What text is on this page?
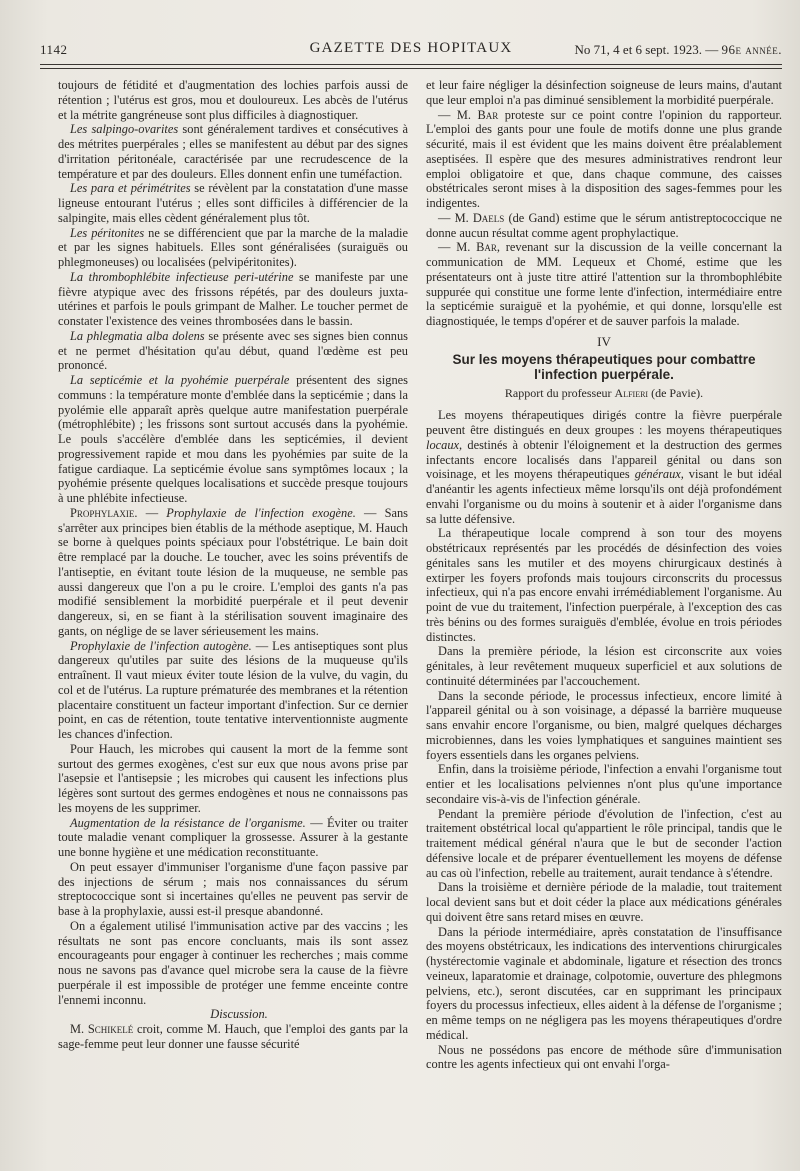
1142	GAZETTE DES HOPITAUX	No 71, 4 et 6 sept. 1923. — 96e année.

toujours de fétidité et d'augmentation des lochies parfois aussi de rétention ; l'utérus est gros, mou et douloureux. Les abcès de l'utérus et la métrite gangréneuse sont plus difficiles à diagnostiquer.

Les salpingo-ovarites sont généralement tardives et consécutives à des métrites puerpérales ; elles se manifestent au début par des signes d'irritation péritonéale, caractérisée par une recrudescence de la température et par des douleurs. Elles donnent enfin une tuméfaction.

Les para et périmétrites se révèlent par la constatation d'une masse ligneuse entourant l'utérus ; elles sont difficiles à différencier de la salpingite, mais elles cèdent généralement plus tôt.

Les péritonites ne se différencient que par la marche de la maladie et par les signes habituels. Elles sont généralisées (suraiguës ou phlegmoneuses) ou localisées (pelvipéritonites).

La thrombophlébite infectieuse peri-utérine se manifeste par une fièvre atypique avec des frissons répétés, par des douleurs juxta-utérines et parfois le pouls grimpant de Malher. Le toucher permet de constater l'existence des veines thrombosées dans le bassin.

La phlegmatia alba dolens se présente avec ses signes bien connus et ne permet d'hésitation qu'au début, quand l'œdème est peu prononcé.

La septicémie et la pyohémie puerpérale présentent des signes communs : la température monte d'emblée dans la septicémie ; dans la pyolémie elle apparaît après quelque autre manifestation puerpérale (métrophlébite) ; les frissons sont surtout accusés dans la pyohémie. Le pouls s'accélère d'emblée dans les septicémies, il devient progressivement rapide et mou dans les pyohémies par suite de la fatigue cardiaque. La septicémie évolue sans symptômes locaux ; la pyohémie présente quelques localisations et succède presque toujours à une phlébite infectieuse.

Prophylaxie. — Prophylaxie de l'infection exogène. — Sans s'arrêter aux principes bien établis de la méthode aseptique, M. Hauch se borne à quelques points spéciaux pour l'obstétrique. Le bain doit être remplacé par la douche. Le toucher, avec les soins préventifs de l'antiseptie, en évitant toute lésion de la muqueuse, ne semble pas aussi dangereux que l'on a pu le croire. L'emploi des gants n'a pas modifié sensiblement la morbidité puerpérale et il peut devenir dangereux, si, en se fiant à la stérilisation souvent imaginaire des gants, on néglige de se laver sérieusement les mains.

Prophylaxie de l'infection autogène. — Les antiseptiques sont plus dangereux qu'utiles par suite des lésions de la muqueuse qu'ils entraînent. Il vaut mieux éviter toute lésion de la vulve, du vagin, du col et de l'utérus. La rupture prématurée des membranes et la rétention placentaire constituent un facteur important d'infection. Sur ce dernier point, en cas de rétention, toute tentative interventionniste augmente les chances d'infection.

Pour Hauch, les microbes qui causent la mort de la femme sont surtout des germes exogènes, c'est sur eux que nous avons prise par l'asepsie et l'antisepsie ; les microbes qui causent les infections plus légères sont surtout des germes endogènes et nous ne connaissons pas les moyens de les supprimer.

Augmentation de la résistance de l'organisme. — Éviter ou traiter toute maladie venant compliquer la grossesse. Assurer à la gestante une bonne hygiène et une médication reconstituante.

On peut essayer d'immuniser l'organisme d'une façon passive par des injections de sérum ; mais nos connaissances du sérum streptococcique sont si incertaines qu'elles ne peuvent pas servir de base à la prophylaxie, aussi est-il presque abandonné.

On a également utilisé l'immunisation active par des vaccins ; les résultats ne sont pas encore concluants, mais ils sont assez encourageants pour engager à continuer les recherches ; mais comme nous ne savons pas d'avance quel microbe sera la cause de la fièvre puerpérale il est impossible de protéger une femme enceinte contre l'ennemi inconnu.

Discussion.

M. Schikelé croit, comme M. Hauch, que l'emploi des gants par la sage-femme peut leur donner une fausse sécurité

et leur faire négliger la désinfection soigneuse de leurs mains, d'autant que leur emploi n'a pas diminué sensiblement la morbidité puerpérale.

— M. Bar proteste sur ce point contre l'opinion du rapporteur. L'emploi des gants pour une foule de motifs donne une plus grande sécurité, mais il est évident que les mains doivent être préalablement aseptisées. Il espère que des mesures administratives rendront leur emploi obligatoire et que, dans chaque commune, des caisses obstétricales seront mises à la disposition des sages-femmes pour les indigentes.

— M. Daels (de Gand) estime que le sérum antistreptococcique ne donne aucun résultat comme agent prophylactique.

— M. Bar, revenant sur la discussion de la veille concernant la communication de MM. Lequeux et Chomé, estime que les présentateurs ont à juste titre attiré l'attention sur la thrombophlébite suppurée qui constitue une forme lente d'infection, intermédiaire entre la septicémie suraiguë et la pyohémie, et qui donne, lorsqu'elle est diagnostiquée, le temps d'opérer et de sauver parfois la malade.

IV
Sur les moyens thérapeutiques pour combattre l'infection puerpérale.
Rapport du professeur Alfieri (de Pavie).

Les moyens thérapeutiques dirigés contre la fièvre puerpérale peuvent être distingués en deux groupes : les moyens thérapeutiques locaux, destinés à obtenir l'éloignement et la destruction des germes infectants encore localisés dans l'appareil génital ou dans son voisinage, et les moyens thérapeutiques généraux, visant le but idéal d'anéantir les agents infectieux même lorsqu'ils ont déjà profondément envahi l'organisme ou du moins à soutenir et à aider l'organisme dans sa lutte défensive.

La thérapeutique locale comprend à son tour des moyens obstétricaux représentés par les procédés de désinfection des voies génitales sans les mutiler et des moyens chirurgicaux destinés à extirper les foyers profonds mais toujours circonscrits du processus infectieux, qui n'a pas encore envahi irrémédiablement l'organisme. Au point de vue du traitement, l'infection puerpérale, à l'exception des cas très bénins ou des formes suraiguës d'emblée, évolue en trois périodes distinctes.

Dans la première période, la lésion est circonscrite aux voies génitales, à leur revêtement muqueux superficiel et aux solutions de continuité déterminées par l'accouchement.

Dans la seconde période, le processus infectieux, encore limité à l'appareil génital ou à son voisinage, a dépassé la barrière muqueuse sans envahir encore l'organisme, ou bien, malgré quelques décharges microbiennes, dans les voies lymphatiques et sanguines maintient ses foyers essentiels dans les organes pelviens.

Enfin, dans la troisième période, l'infection a envahi l'organisme tout entier et les localisations pelviennes n'ont plus qu'une importance secondaire vis-à-vis de l'infection générale.

Pendant la première période d'évolution de l'infection, c'est au traitement obstétrical local qu'appartient le rôle principal, tandis que le traitement médical général n'aura que le but de seconder l'action défensive locale et de préparer éventuellement les moyens de défense au cas où l'infection, rebelle au traitement, aurait tendance à s'étendre.

Dans la troisième et dernière période de la maladie, tout traitement local devient sans but et doit céder la place aux médications générales qui doivent être sans retard mises en œuvre.

Dans la période intermédiaire, après constatation de l'insuffisance des moyens obstétricaux, les indications des interventions chirurgicales (hystérectomie vaginale et abdominale, ligature et résection des troncs veineux, laparatomie et drainage, colpotomie, ouverture des phlegmons pelviens, etc.), seront discutées, car en supprimant les principaux foyers du processus infectieux, elles aident à la défense de l'organisme ; en même temps on ne négligera pas les moyens thérapeutiques d'ordre médical.

Nous ne possédons pas encore de méthode sûre d'immunisation contre les agents infectieux qui ont envahi l'orga-
